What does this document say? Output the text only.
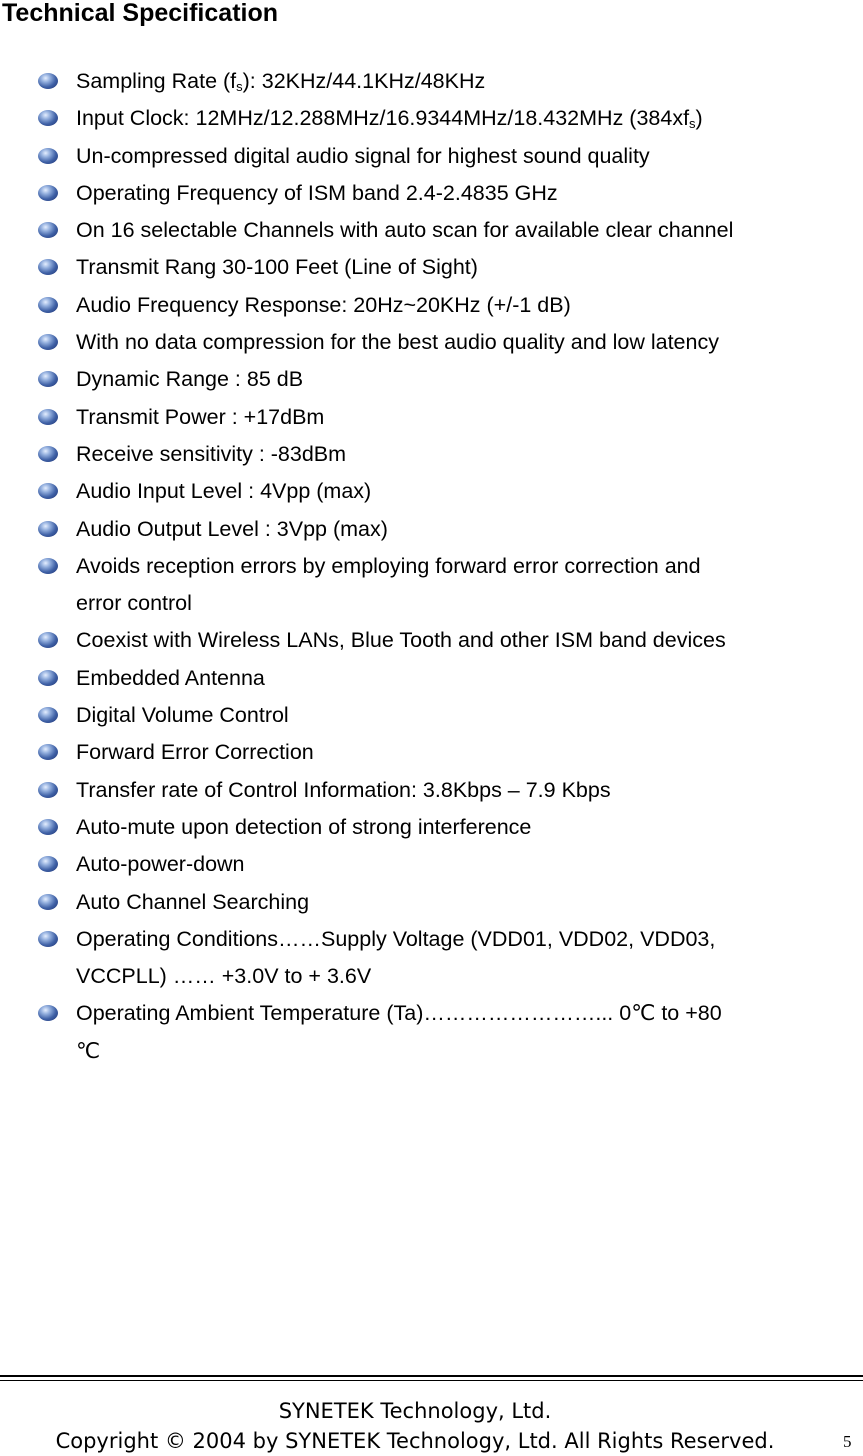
Technical Specification
Sampling Rate $(f_s)$: 32KHz/44.1KHz/48KHz
Input Clock: 12MHz/12.288MHz/16.9344MHz/18.432MHz $(384xf_s)$
Un-compressed digital audio signal for highest sound quality
Operating Frequency of ISM band 2.4-2.4835 GHz
On 16 selectable Channels with auto scan for available clear channel
Transmit Rang 30-100 Feet (Line of Sight)
Audio Frequency Response: 20Hz~20KHz (+/-1 dB)
With no data compression for the best audio quality and low latency
Dynamic Range : 85 dB
Transmit Power : +17dBm
Receive sensitivity : -83dBm
Audio Input Level : 4Vpp (max)
Audio Output Level : 3Vpp (max)
Avoids reception errors by employing forward error correction and
error control
Coexist with Wireless LANs, Blue Tooth and other ISM band devices
Embedded Antenna
Digital Volume Control
Forward Error Correction
Transfer rate of Control Information: 3.8Kbps – 7.9 Kbps
Auto-mute upon detection of strong interference
Auto-power-down
Auto Channel Searching
Operating Conditions……Supply Voltage (VDD01, VDD02, VDD03,
VCCPLL) …… +3.0V to + 3.6V
Operating Ambient Temperature (Ta)……………………... 0℃ to +80
℃
SYNETEK Technology, Ltd.
Copyright © 2004 by SYNETEK Technology, Ltd. All Rights Reserved.	5
